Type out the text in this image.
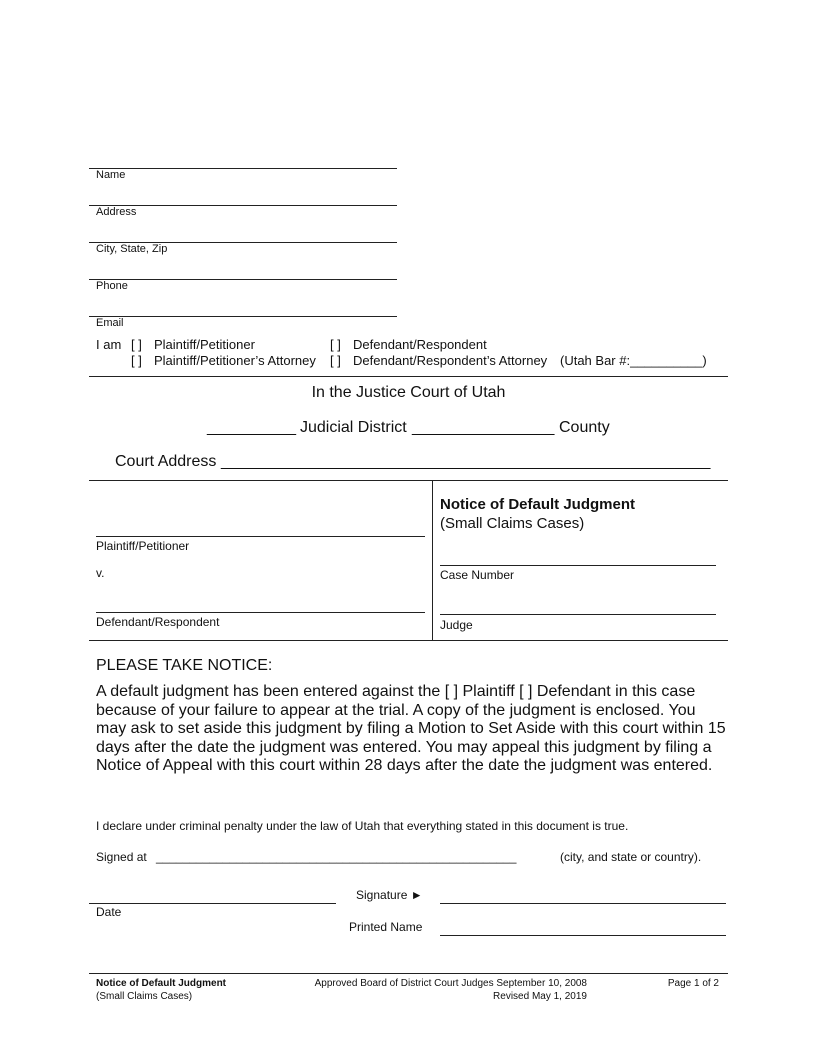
Name
Address
City, State, Zip
Phone
Email
I am [ ] Plaintiff/Petitioner	[ ] Defendant/Respondent
[ ] Plaintiff/Petitioner’s Attorney [ ] Defendant/Respondent’s Attorney (Utah Bar #:__________)
In the Justice Court of Utah
__________ Judicial District ________________ County
Court Address _______________________________________________________
Plaintiff/Petitioner
v.
Defendant/Respondent
Notice of Default Judgment
(Small Claims Cases)
Case Number
Judge
PLEASE TAKE NOTICE:
A default judgment has been entered against the [ ] Plaintiff [ ] Defendant in this case because of your failure to appear at the trial. A copy of the judgment is enclosed. You may ask to set aside this judgment by filing a Motion to Set Aside with this court within 15 days after the date the judgment was entered. You may appeal this judgment by filing a Notice of Appeal with this court within 28 days after the date the judgment was entered.
I declare under criminal penalty under the law of Utah that everything stated in this document is true.
Signed at ______________________________________________________	(city, and state or country).
Date
Signature ►
Printed Name
Notice of Default Judgment
(Small Claims Cases)
Approved Board of District Court Judges September 10, 2008
Revised May 1, 2019
Page 1 of 2
